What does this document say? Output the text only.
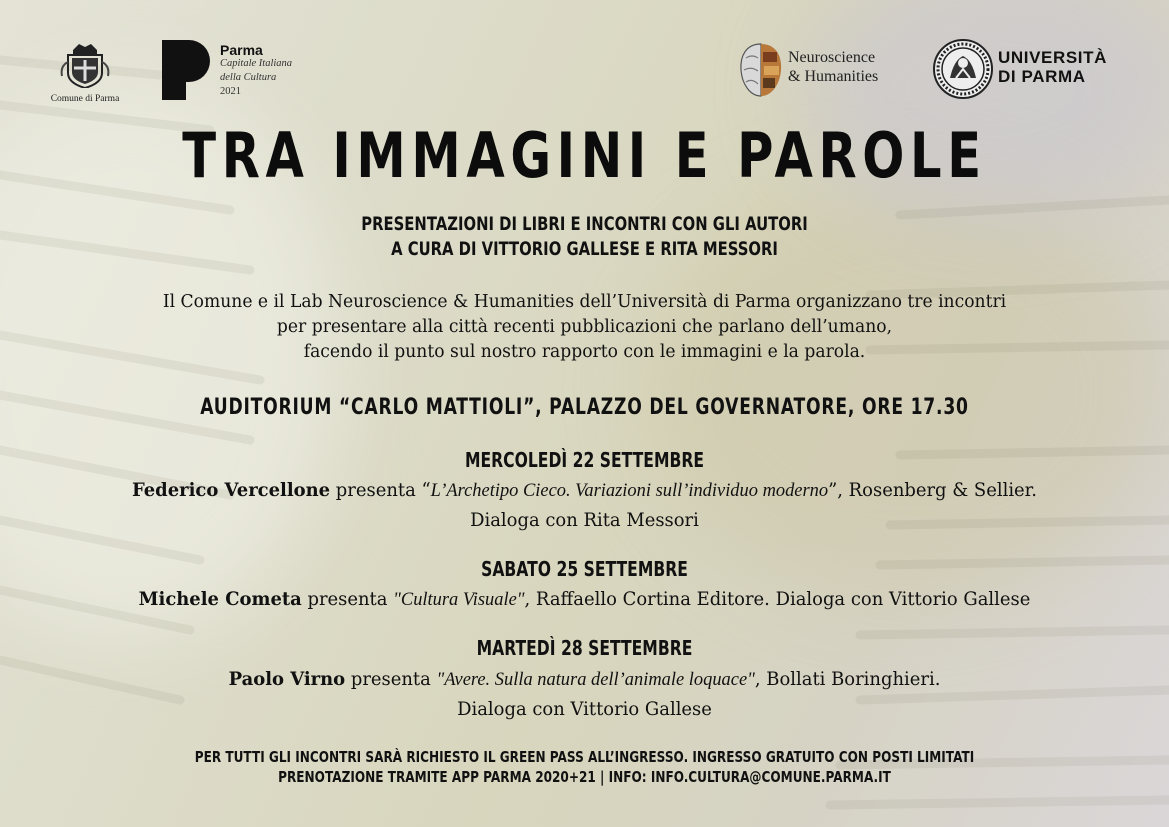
Comune di Parma
Parma
Capitale Italiana
della Cultura
2021
Neuroscience
& Humanities
UNIVERSITÀ
DI PARMA
TRA IMMAGINI E PAROLE
PRESENTAZIONI DI LIBRI E INCONTRI CON GLI AUTORI
A CURA DI VITTORIO GALLESE E RITA MESSORI
Il Comune e il Lab Neuroscience & Humanities dell’Università di Parma organizzano tre incontri
per presentare alla città recenti pubblicazioni che parlano dell’umano,
facendo il punto sul nostro rapporto con le immagini e la parola.
AUDITORIUM “CARLO MATTIOLI”, PALAZZO DEL GOVERNATORE, ORE 17.30
MERCOLEDÌ 22 SETTEMBRE
Federico Vercellone presenta “L’Archetipo Cieco. Variazioni sull’individuo moderno”, Rosenberg & Sellier.
Dialoga con Rita Messori
SABATO 25 SETTEMBRE
Michele Cometa presenta "Cultura Visuale", Raffaello Cortina Editore. Dialoga con Vittorio Gallese
MARTEDÌ 28 SETTEMBRE
Paolo Virno presenta "Avere. Sulla natura dell’animale loquace", Bollati Boringhieri.
Dialoga con Vittorio Gallese
PER TUTTI GLI INCONTRI SARÀ RICHIESTO IL GREEN PASS ALL’INGRESSO. INGRESSO GRATUITO CON POSTI LIMITATI
PRENOTAZIONE TRAMITE APP PARMA 2020+21 | INFO: INFO.CULTURA@COMUNE.PARMA.IT
